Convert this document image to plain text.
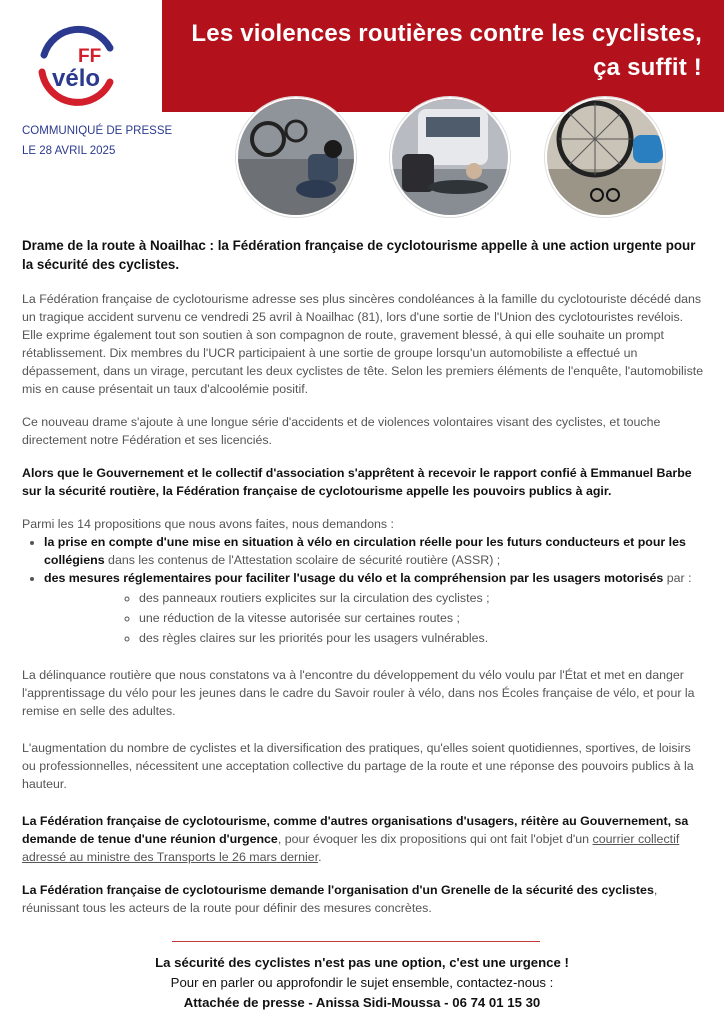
Les violences routières contre les cyclistes,
ça suffit !
FF
vélo
COMMUNIQUÉ DE PRESSE
LE 28 AVRIL 2025

Drame de la route à Noailhac : la Fédération française de cyclotourisme appelle à une action urgente pour la sécurité des cyclistes.

La Fédération française de cyclotourisme adresse ses plus sincères condoléances à la famille du cyclotouriste décédé dans un tragique accident survenu ce vendredi 25 avril à Noailhac (81), lors d'une sortie de l'Union des cyclotouristes revélois. Elle exprime également tout son soutien à son compagnon de route, gravement blessé, à qui elle souhaite un prompt rétablissement. Dix membres du l'UCR participaient à une sortie de groupe lorsqu'un automobiliste a effectué un dépassement, dans un virage, percutant les deux cyclistes de tête. Selon les premiers éléments de l'enquête, l'automobiliste mis en cause présentait un taux d'alcoolémie positif.

Ce nouveau drame s'ajoute à une longue série d'accidents et de violences volontaires visant des cyclistes, et touche directement notre Fédération et ses licenciés.

Alors que le Gouvernement et le collectif d'association s'apprêtent à recevoir le rapport confié à Emmanuel Barbe sur la sécurité routière, la Fédération française de cyclotourisme appelle les pouvoirs publics à agir.

Parmi les 14 propositions que nous avons faites, nous demandons :
• la prise en compte d'une mise en situation à vélo en circulation réelle pour les futurs conducteurs et pour les collégiens dans les contenus de l'Attestation scolaire de sécurité routière (ASSR) ;
• des mesures réglementaires pour faciliter l'usage du vélo et la compréhension par les usagers motorisés par :
◦ des panneaux routiers explicites sur la circulation des cyclistes ;
◦ une réduction de la vitesse autorisée sur certaines routes ;
◦ des règles claires sur les priorités pour les usagers vulnérables.

La délinquance routière que nous constatons va à l'encontre du développement du vélo voulu par l'État et met en danger l'apprentissage du vélo pour les jeunes dans le cadre du Savoir rouler à vélo, dans nos Écoles française de vélo, et pour la remise en selle des adultes.

L'augmentation du nombre de cyclistes et la diversification des pratiques, qu'elles soient quotidiennes, sportives, de loisirs ou professionnelles, nécessitent une acceptation collective du partage de la route et une réponse des pouvoirs publics à la hauteur.

La Fédération française de cyclotourisme, comme d'autres organisations d'usagers, réitère au Gouvernement, sa demande de tenue d'une réunion d'urgence, pour évoquer les dix propositions qui ont fait l'objet d'un courrier collectif adressé au ministre des Transports le 26 mars dernier.

La Fédération française de cyclotourisme demande l'organisation d'un Grenelle de la sécurité des cyclistes, réunissant tous les acteurs de la route pour définir des mesures concrètes.

La sécurité des cyclistes n'est pas une option, c'est une urgence !
Pour en parler ou approfondir le sujet ensemble, contactez-nous :
Attachée de presse - Anissa Sidi-Moussa - 06 74 01 15 30
